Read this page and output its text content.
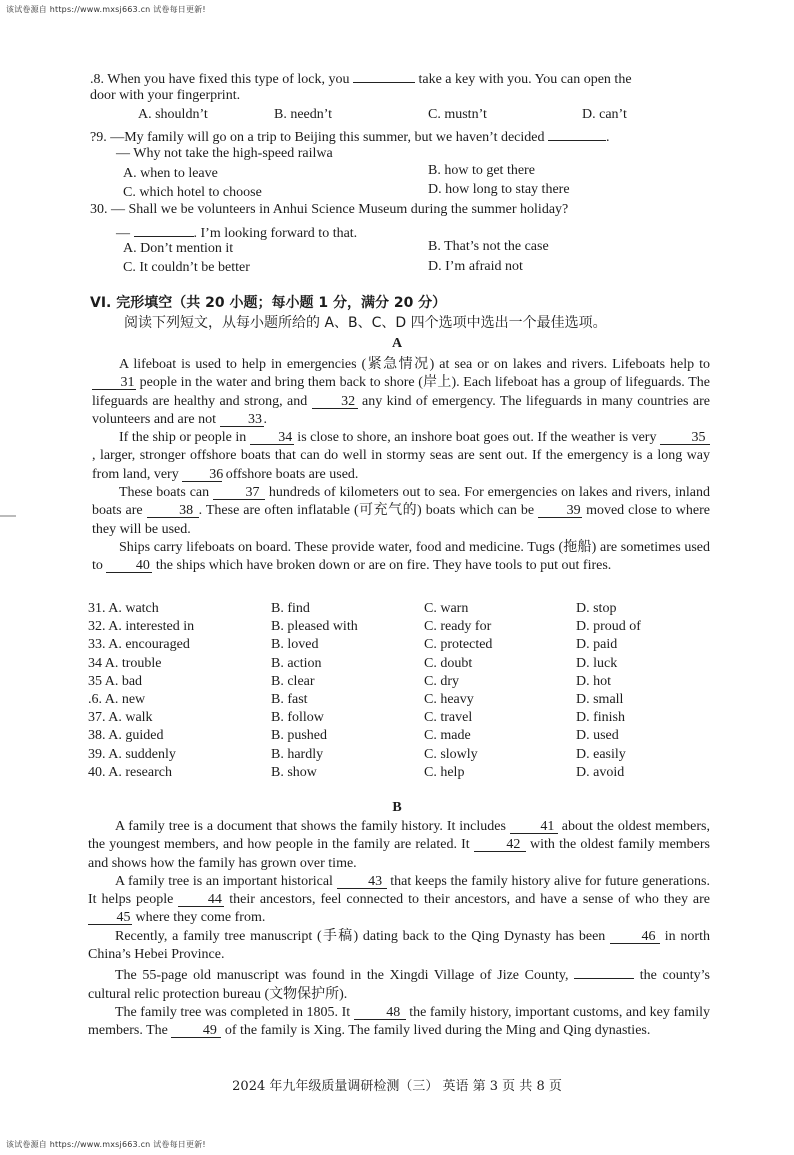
该试卷源自 https://www.mxsj663.cn 试卷每日更新!
.8. When you have fixed this type of lock, you	take a key with you. You can open the
door with your fingerprint.
A. shouldn’t	B. needn’t	C. mustn’t	D. can’t
?9. —My family will go on a trip to Beijing this summer, but we haven’t decided	.
— Why not take the high-speed railwa
A. when to leave	B. how to get there
C. which hotel to choose	D. how long to stay there
30. — Shall we be volunteers in Anhui Science Museum during the summer holiday?
—	. I’m looking forward to that.
A. Don’t mention it	B. That’s not the case
C. It couldn’t be better	D. I’m afraid not
VI. 完形填空（共 20 小题；每小题 1 分，满分 20 分）
阅读下列短文，从每小题所给的 A、B、C、D 四个选项中选出一个最佳选项。
A

A lifeboat is used to help in emergencies (紧急情况) at sea or on lakes and rivers. Lifeboats help to 31 people in the water and bring them back to shore (岸上). Each lifeboat has a group of lifeguards. The lifeguards are healthy and strong, and 32 any kind of emergency. The lifeguards in many countries are volunteers and are not 33 .

If the ship or people in 34 is close to shore, an inshore boat goes out. If the weather is very 35, larger, stronger offshore boats that can do well in stormy seas are sent out. If the emergency is a long way from land, very 36 offshore boats are used.

These boats can 37 hundreds of kilometers out to sea. For emergencies on lakes and rivers, inland boats are 38 . These are often inflatable (可充气的) boats which can be 39 moved close to where they will be used.

Ships carry lifeboats on board. These provide water, food and medicine. Tugs (拖船) are sometimes used to 40 the ships which have broken down or are on fire. They have tools to put out fires.

31. A. watch	B. find	C. warn	D. stop
32. A. interested in	B. pleased with	C. ready for	D. proud of
33. A. encouraged	B. loved	C. protected	D. paid
34 A. trouble	B. action	C. doubt	D. luck
35 A. bad	B. clear	C. dry	D. hot
.6. A. new	B. fast	C. heavy	D. small
37. A. walk	B. follow	C. travel	D. finish
38. A. guided	B. pushed	C. made	D. used
39. A. suddenly	B. hardly	C. slowly	D. easily
40. A. research	B. show	C. help	D. avoid
B

A family tree is a document that shows the family history. It includes 41 about the oldest members, the youngest members, and how people in the family are related. It 42 with the oldest family members and shows how the family has grown over time.

A family tree is an important historical 43 that keeps the family history alive for future generations. It helps people 44 their ancestors, feel connected to their ancestors, and have a sense of who they are 45 where they come from.

Recently, a family tree manuscript (手稿) dating back to the Qing Dynasty has been 46 in north China’s Hebei Province.

The 55-page old manuscript was found in the Xingdi Village of Jize County,	the county’s cultural relic protection bureau (文物保护所).

The family tree was completed in 1805. It 48 the family history, important customs, and key family members. The 49 of the family is Xing. The family lived during the Ming and Qing dynasties.

2024 年九年级质量调研检测（三） 英语 第 3 页 共 8 页
该试卷源自 https://www.mxsj663.cn 试卷每日更新!
